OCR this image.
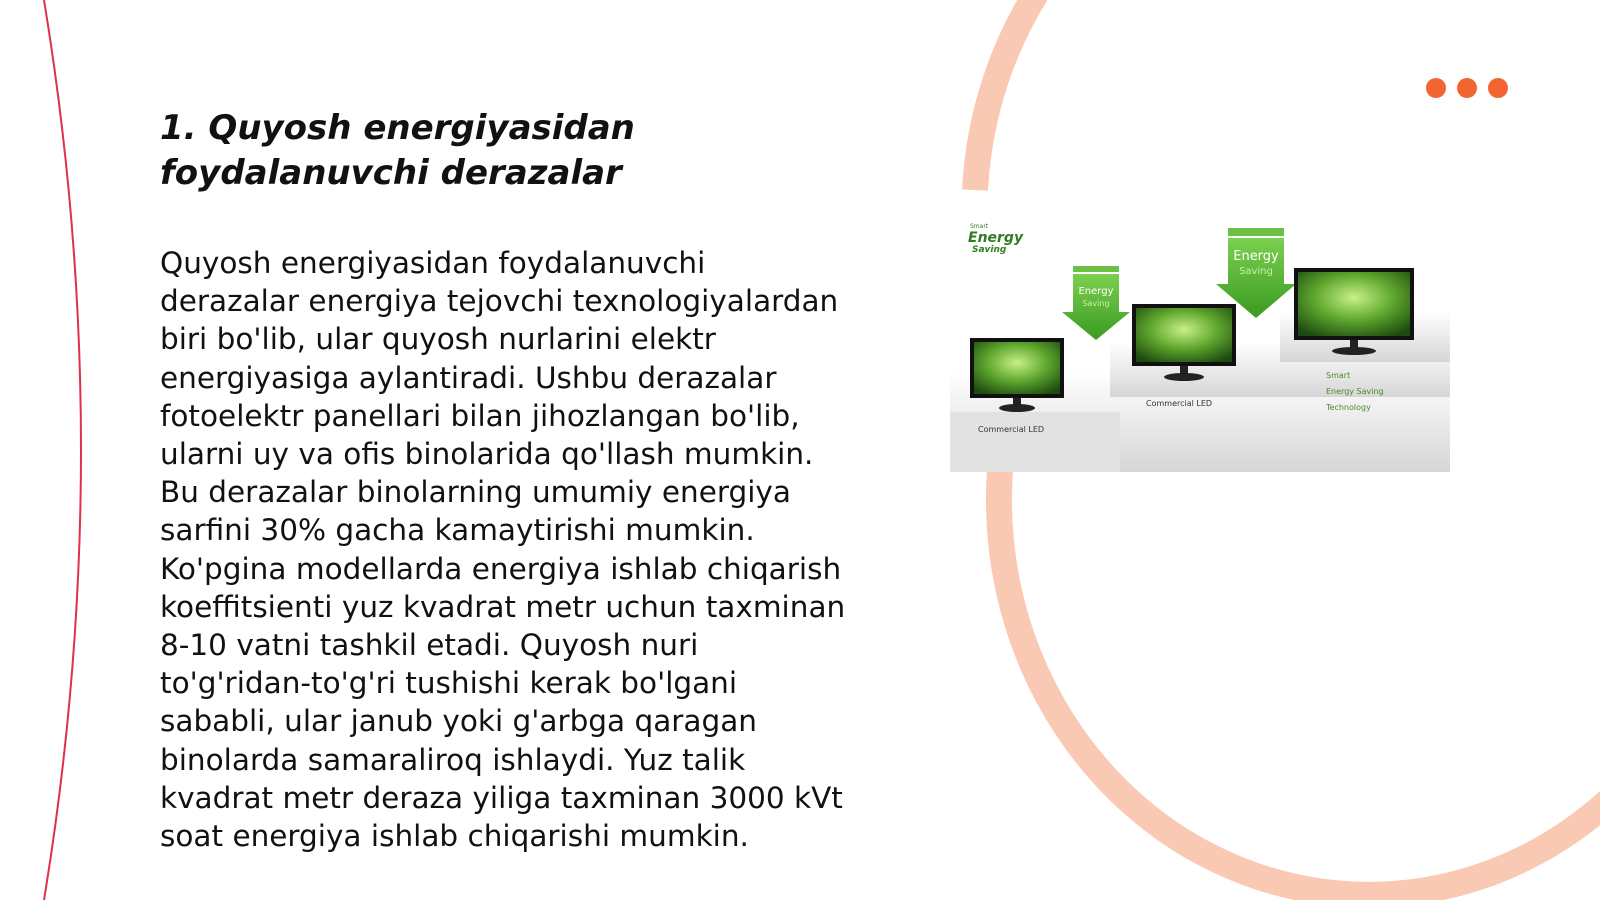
1. Quyosh energiyasidan foydalanuvchi derazalar

Quyosh energiyasidan foydalanuvchi derazalar energiya tejovchi texnologiyalardan biri bo'lib, ular quyosh nurlarini elektr energiyasiga aylantiradi. Ushbu derazalar fotoelektr panellari bilan jihozlangan bo'lib, ularni uy va ofis binolarida qo'llash mumkin. Bu derazalar binolarning umumiy energiya sarfini 30% gacha kamaytirishi mumkin. Ko'pgina modellarda energiya ishlab chiqarish koeffitsienti yuz kvadrat metr uchun taxminan 8-10 vatni tashkil etadi. Quyosh nuri to'g'ridan-to'g'ri tushishi kerak bo'lgani sababli, ular janub yoki g'arbga qaragan binolarda samaraliroq ishlaydi. Yuz talik kvadrat metr deraza yiliga taxminan 3000 kVt soat energiya ishlab chiqarishi mumkin.

Smart
Energy
Saving
Energy
Saving
Energy
Saving
Commercial LED
Commercial LED
Smart
Energy Saving
Technology
